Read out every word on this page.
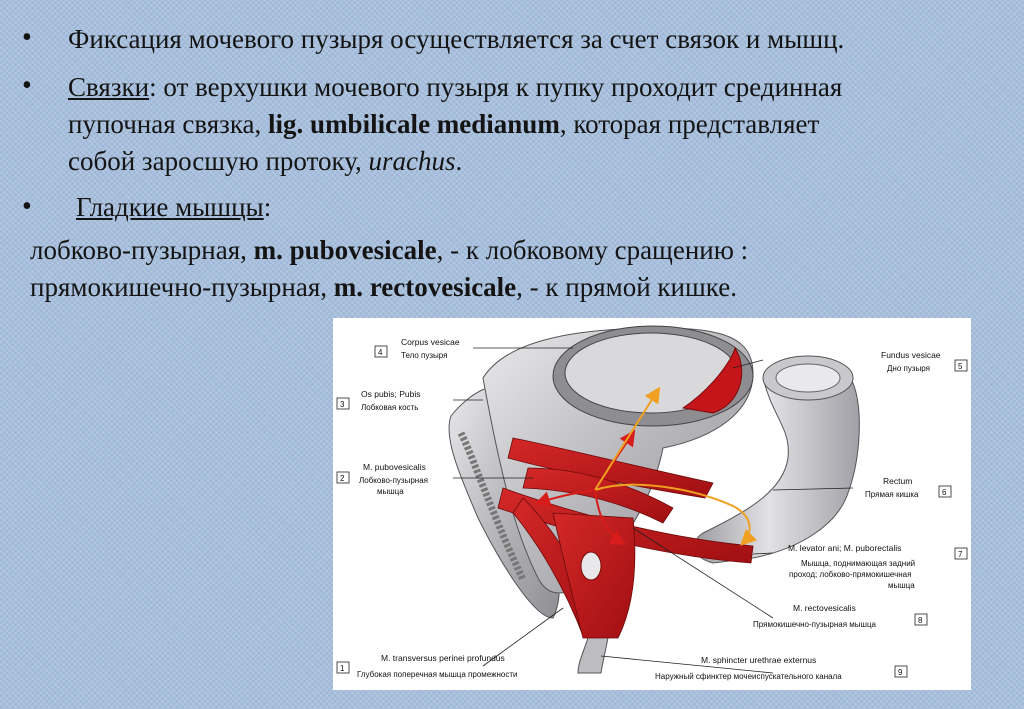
• Фиксация мочевого пузыря осуществляется за счет связок и мышц.
• Связки: от верхушки мочевого пузыря к пупку проходит срединная
пупочная связка, lig. umbilicale medianum, которая представляет
собой заросшую протоку, urachus.
• Гладкие мышцы:
лобково-пузырная, m. pubovesicale, - к лобковому сращению :
прямокишечно-пузырная, m. rectovesicale, - к прямой кишке.
4
Corpus vesicae
Тело пузыря
3
Os pubis; Pubis
Лобковая кость
2
M. pubovesicalis
Лобково-пузырная
мышца
1
M. transversus perinei profundus
Глубокая поперечная мышца промежности
5
Fundus vesicae
Дно пузыря
6
Rectum
Прямая кишка
7
M. levator ani; M. puborectalis
Мышца, поднимающая задний
проход; лобково-прямокишечная
мышца
8
M. rectovesicalis
Прямокишечно-пузырная мышца
9
M. sphincter urethrae externus
Наружный сфинктер мочеиспускательного канала
